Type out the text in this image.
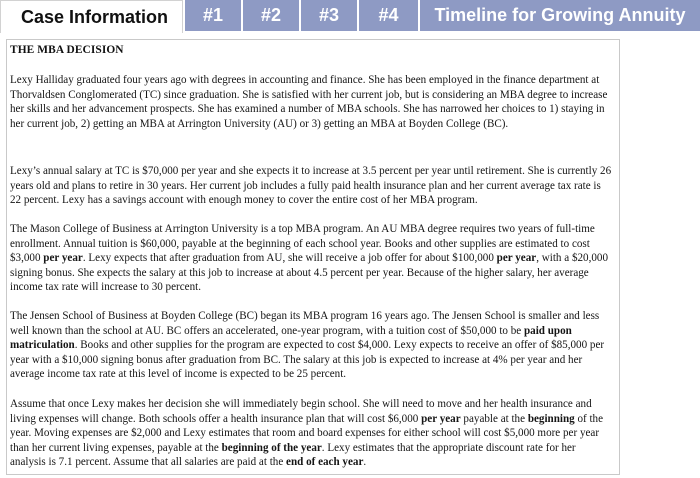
Case Information	#1	#2	#3	#4	Timeline for Growing Annuity
THE MBA DECISION

Lexy Halliday graduated four years ago with degrees in accounting and finance. She has been employed in the finance department at Thorvaldsen Conglomerated (TC) since graduation. She is satisfied with her current job, but is considering an MBA degree to increase her skills and her advancement prospects. She has examined a number of MBA schools. She has narrowed her choices to 1) staying in her current job, 2) getting an MBA at Arrington University (AU) or 3) getting an MBA at Boyden College (BC).

Lexy’s annual salary at TC is $70,000 per year and she expects it to increase at 3.5 percent per year until retirement. She is currently 26 years old and plans to retire in 30 years. Her current job includes a fully paid health insurance plan and her current average tax rate is 22 percent. Lexy has a savings account with enough money to cover the entire cost of her MBA program.

The Mason College of Business at Arrington University is a top MBA program. An AU MBA degree requires two years of full-time enrollment. Annual tuition is $60,000, payable at the beginning of each school year. Books and other supplies are estimated to cost $3,000 per year. Lexy expects that after graduation from AU, she will receive a job offer for about $100,000 per year, with a $20,000 signing bonus. She expects the salary at this job to increase at about 4.5 percent per year. Because of the higher salary, her average income tax rate will increase to 30 percent.

The Jensen School of Business at Boyden College (BC) began its MBA program 16 years ago. The Jensen School is smaller and less well known than the school at AU. BC offers an accelerated, one-year program, with a tuition cost of $50,000 to be paid upon matriculation. Books and other supplies for the program are expected to cost $4,000. Lexy expects to receive an offer of $85,000 per year with a $10,000 signing bonus after graduation from BC. The salary at this job is expected to increase at 4% per year and her average income tax rate at this level of income is expected to be 25 percent.

Assume that once Lexy makes her decision she will immediately begin school. She will need to move and her health insurance and living expenses will change. Both schools offer a health insurance plan that will cost $6,000 per year payable at the beginning of the year. Moving expenses are $2,000 and Lexy estimates that room and board expenses for either school will cost $5,000 more per year than her current living expenses, payable at the beginning of the year. Lexy estimates that the appropriate discount rate for her analysis is 7.1 percent. Assume that all salaries are paid at the end of each year.
